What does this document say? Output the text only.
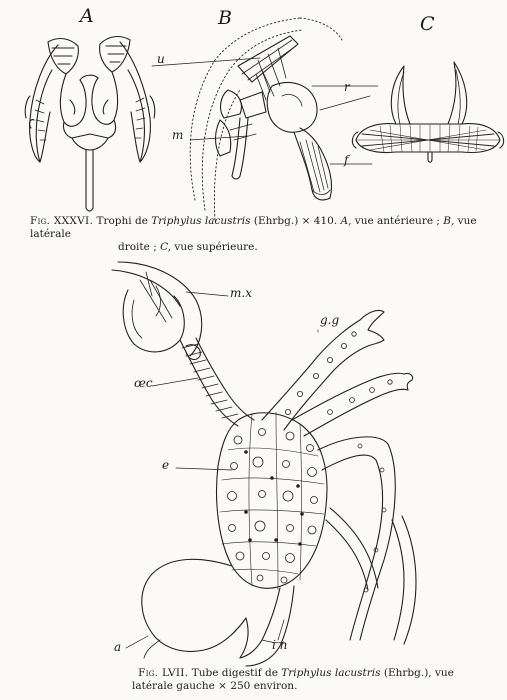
A	B	C
u
m
r
f
Fig. XXXVI. Trophi de Triphylus lacustris (Ehrbg.) × 410. A, vue antérieure ; B, vue latérale
droite ; C, vue supérieure.
m.x
g.g
œc
e
a	i n
Fig. LVII. Tube digestif de Triphylus lacustris (Ehrbg.), vue
latérale gauche × 250 environ.
